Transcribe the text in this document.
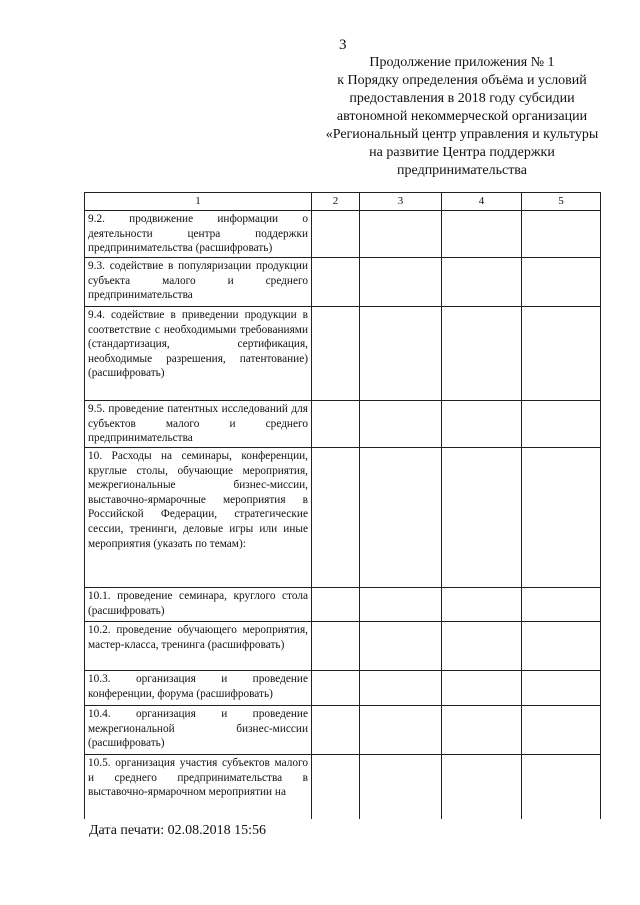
3
Продолжение приложения № 1
к Порядку определения объёма и условий
предоставления в 2018 году субсидии
автономной некоммерческой организации
«Региональный центр управления и культуры
на развитие Центра поддержки
предпринимательства
1	2	3	4	5
9.2. продвижение информации о деятельности центра поддержки предпринимательства (расшифровать)				
9.3. содействие в популяризации продукции субъекта малого и среднего предпринимательства				
9.4. содействие в приведении продукции в соответствие с необходимыми требованиями (стандартизация, сертификация, необходимые разрешения, патентование) (расшифровать)				
9.5. проведение патентных исследований для субъектов малого и среднего предпринимательства				
10. Расходы на семинары, конференции, круглые столы, обучающие мероприятия, межрегиональные бизнес-миссии, выставочно-ярмарочные мероприятия в Российской Федерации, стратегические сессии, тренинги, деловые игры или иные мероприятия (указать по темам):				
10.1. проведение семинара, круглого стола (расшифровать)				
10.2. проведение обучающего мероприятия, мастер-класса, тренинга (расшифровать)				
10.3. организация и проведение конференции, форума (расшифровать)				
10.4. организация и проведение межрегиональной бизнес-миссии (расшифровать)				
10.5. организация участия субъектов малого и среднего предпринимательства в выставочно-ярмарочном мероприятии на				
Дата печати: 02.08.2018 15:56
